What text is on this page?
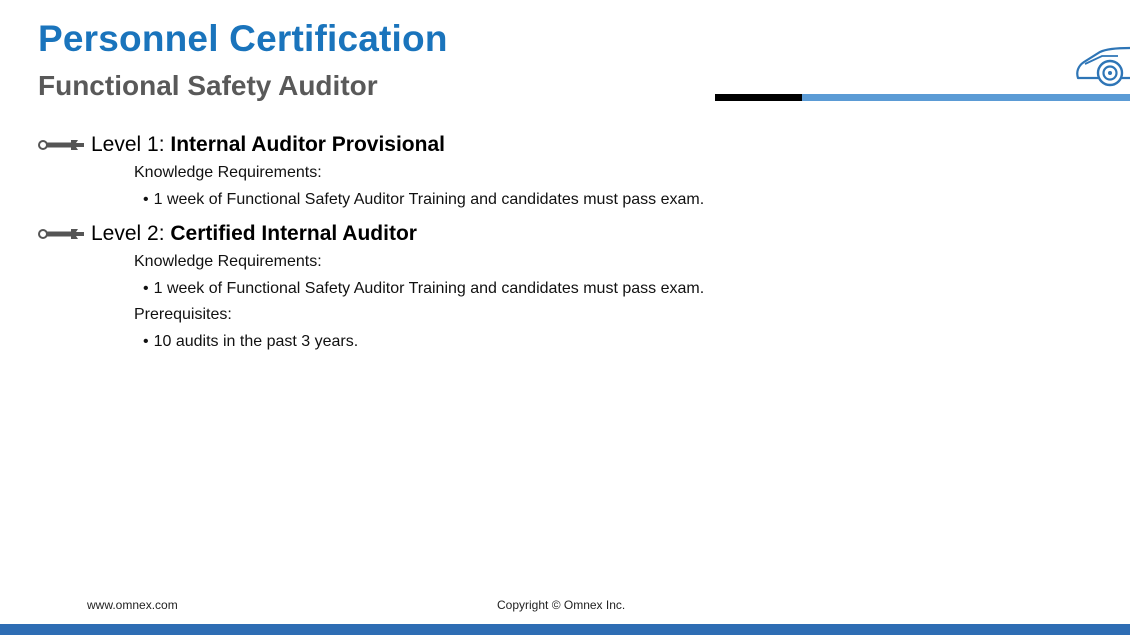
Personnel Certification
Functional Safety Auditor
Level 1: Internal Auditor Provisional
Knowledge Requirements:
• 1 week of Functional Safety Auditor Training and candidates must pass exam.
Level 2: Certified Internal Auditor
Knowledge Requirements:
• 1 week of Functional Safety Auditor Training and candidates must pass exam.
Prerequisites:
• 10 audits in the past 3 years.
www.omnex.com	Copyright © Omnex Inc.
